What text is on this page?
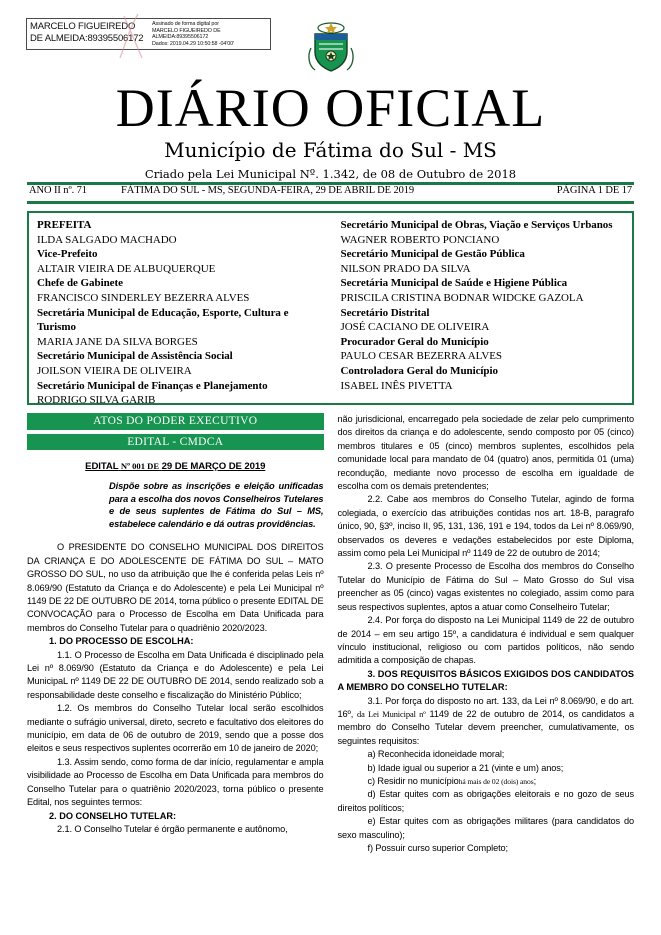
MARCELO FIGUEIREDO DE ALMEIDA:89395506172
Assinado de forma digital por
MARCELO FIGUEIREDO DE
ALMEIDA:89395506172
Dados: 2019.04.29 10:50:58 -04'00'
DIÁRIO OFICIAL
Município de Fátima do Sul - MS
Criado pela Lei Municipal Nº. 1.342, de 08 de Outubro de 2018
ANO II nº. 71	FÁTIMA DO SUL - MS, SEGUNDA-FEIRA, 29 DE ABRIL DE 2019	PÁGINA 1 DE 17
PREFEITA
ILDA SALGADO MACHADO
Vice-Prefeito
ALTAIR VIEIRA DE ALBUQUERQUE
Chefe de Gabinete
FRANCISCO SINDERLEY BEZERRA ALVES
Secretária Municipal de Educação, Esporte, Cultura e Turismo
MARIA JANE DA SILVA BORGES
Secretário Municipal de Assistência Social
JOILSON VIEIRA DE OLIVEIRA
Secretário Municipal de Finanças e Planejamento
RODRIGO SILVA GARIB
Secretário Municipal de Obras, Viação e Serviços Urbanos
WAGNER ROBERTO PONCIANO
Secretário Municipal de Gestão Pública
NILSON PRADO DA SILVA
Secretária Municipal de Saúde e Higiene Pública
PRISCILA CRISTINA BODNAR WIDCKE GAZOLA
Secretário Distrital
JOSÉ CACIANO DE OLIVEIRA
Procurador Geral do Município
PAULO CESAR BEZERRA ALVES
Controladora Geral do Município
ISABEL INÊS PIVETTA
ATOS DO PODER EXECUTIVO
EDITAL - CMDCA
EDITAL Nº 001 DE 29 DE MARÇO DE 2019
Dispõe sobre as inscrições e eleição unificadas para a escolha dos novos Conselheiros Tutelares e de seus suplentes de Fátima do Sul – MS, estabelece calendário e dá outras providências.

O PRESIDENTE DO CONSELHO MUNICIPAL DOS DIREITOS DA CRIANÇA E DO ADOLESCENTE DE FÁTIMA DO SUL – MATO GROSSO DO SUL, no uso da atribuição que lhe é conferida pelas Leis nº 8.069/90 (Estatuto da Criança e do Adolescente) e pela Lei Municipal nº 1149 DE 22 DE OUTUBRO DE 2014, torna público o presente EDITAL DE CONVOCAÇÃO para o Processo de Escolha em Data Unificada para membros do Conselho Tutelar para o quadriênio 2020/2023.

1. DO PROCESSO DE ESCOLHA:

1.1. O Processo de Escolha em Data Unificada é disciplinado pela Lei nº 8.069/90 (Estatuto da Criança e do Adolescente) e pela Lei MunicipaL nº 1149 DE 22 DE OUTUBRO DE 2014, sendo realizado sob a responsabilidade deste conselho e fiscalização do Ministério Público;

1.2. Os membros do Conselho Tutelar local serão escolhidos mediante o sufrágio universal, direto, secreto e facultativo dos eleitores do município, em data de 06 de outubro de 2019, sendo que a posse dos eleitos e seus respectivos suplentes ocorrerão em 10 de janeiro de 2020;

1.3. Assim sendo, como forma de dar início, regulamentar e ampla visibilidade ao Processo de Escolha em Data Unificada para membros do Conselho Tutelar para o quatriênio 2020/2023, torna público o presente Edital, nos seguintes termos:

2. DO CONSELHO TUTELAR:

2.1. O Conselho Tutelar é órgão permanente e autônomo,

não jurisdicional, encarregado pela sociedade de zelar pelo cumprimento dos direitos da criança e do adolescente, sendo composto por 05 (cinco) membros titulares e 05 (cinco) membros suplentes, escolhidos pela comunidade local para mandato de 04 (quatro) anos, permitida 01 (uma) recondução, mediante novo processo de escolha em igualdade de escolha com os demais pretendentes;

2.2. Cabe aos membros do Conselho Tutelar, agindo de forma colegiada, o exercício das atribuições contidas nos art. 18-B, paragrafo único, 90, §3º, inciso II, 95, 131, 136, 191 e 194, todos da Lei nº 8.069/90, observados os deveres e vedações estabelecidos por este Diploma, assim como pela Lei Municipal nº 1149 de 22 de outubro de 2014;

2.3. O presente Processo de Escolha dos membros do Conselho Tutelar do Município de Fátima do Sul – Mato Grosso do Sul visa preencher as 05 (cinco) vagas existentes no colegiado, assim como para seus respectivos suplentes, aptos a atuar como Conselheiro Tutelar;

2.4. Por força do disposto na Lei Municipal 1149 de 22 de outubro de 2014 – em seu artigo 15º, a candidatura é individual e sem qualquer vínculo institucional, religioso ou com partidos políticos, não sendo admitida a composição de chapas.

3. DOS REQUISITOS BÁSICOS EXIGIDOS DOS CANDIDATOS A MEMBRO DO CONSELHO TUTELAR:

3.1. Por força do disposto no art. 133, da Lei nº 8.069/90, e do art. 16º, da Lei Municipal nº 1149 de 22 de outubro de 2014, os candidatos a membro do Conselho Tutelar devem preencher, cumulativamente, os seguintes requisitos:

a) Reconhecida idoneidade moral;

b) Idade igual ou superior a 21 (vinte e um) anos;

c) Residir no municípiohá mais de 02 (dois) anos;

d) Estar quites com as obrigações eleitorais e no gozo de seus direitos políticos;

e) Estar quites com as obrigações militares (para candidatos do sexo masculino);

f) Possuir curso superior Completo;
